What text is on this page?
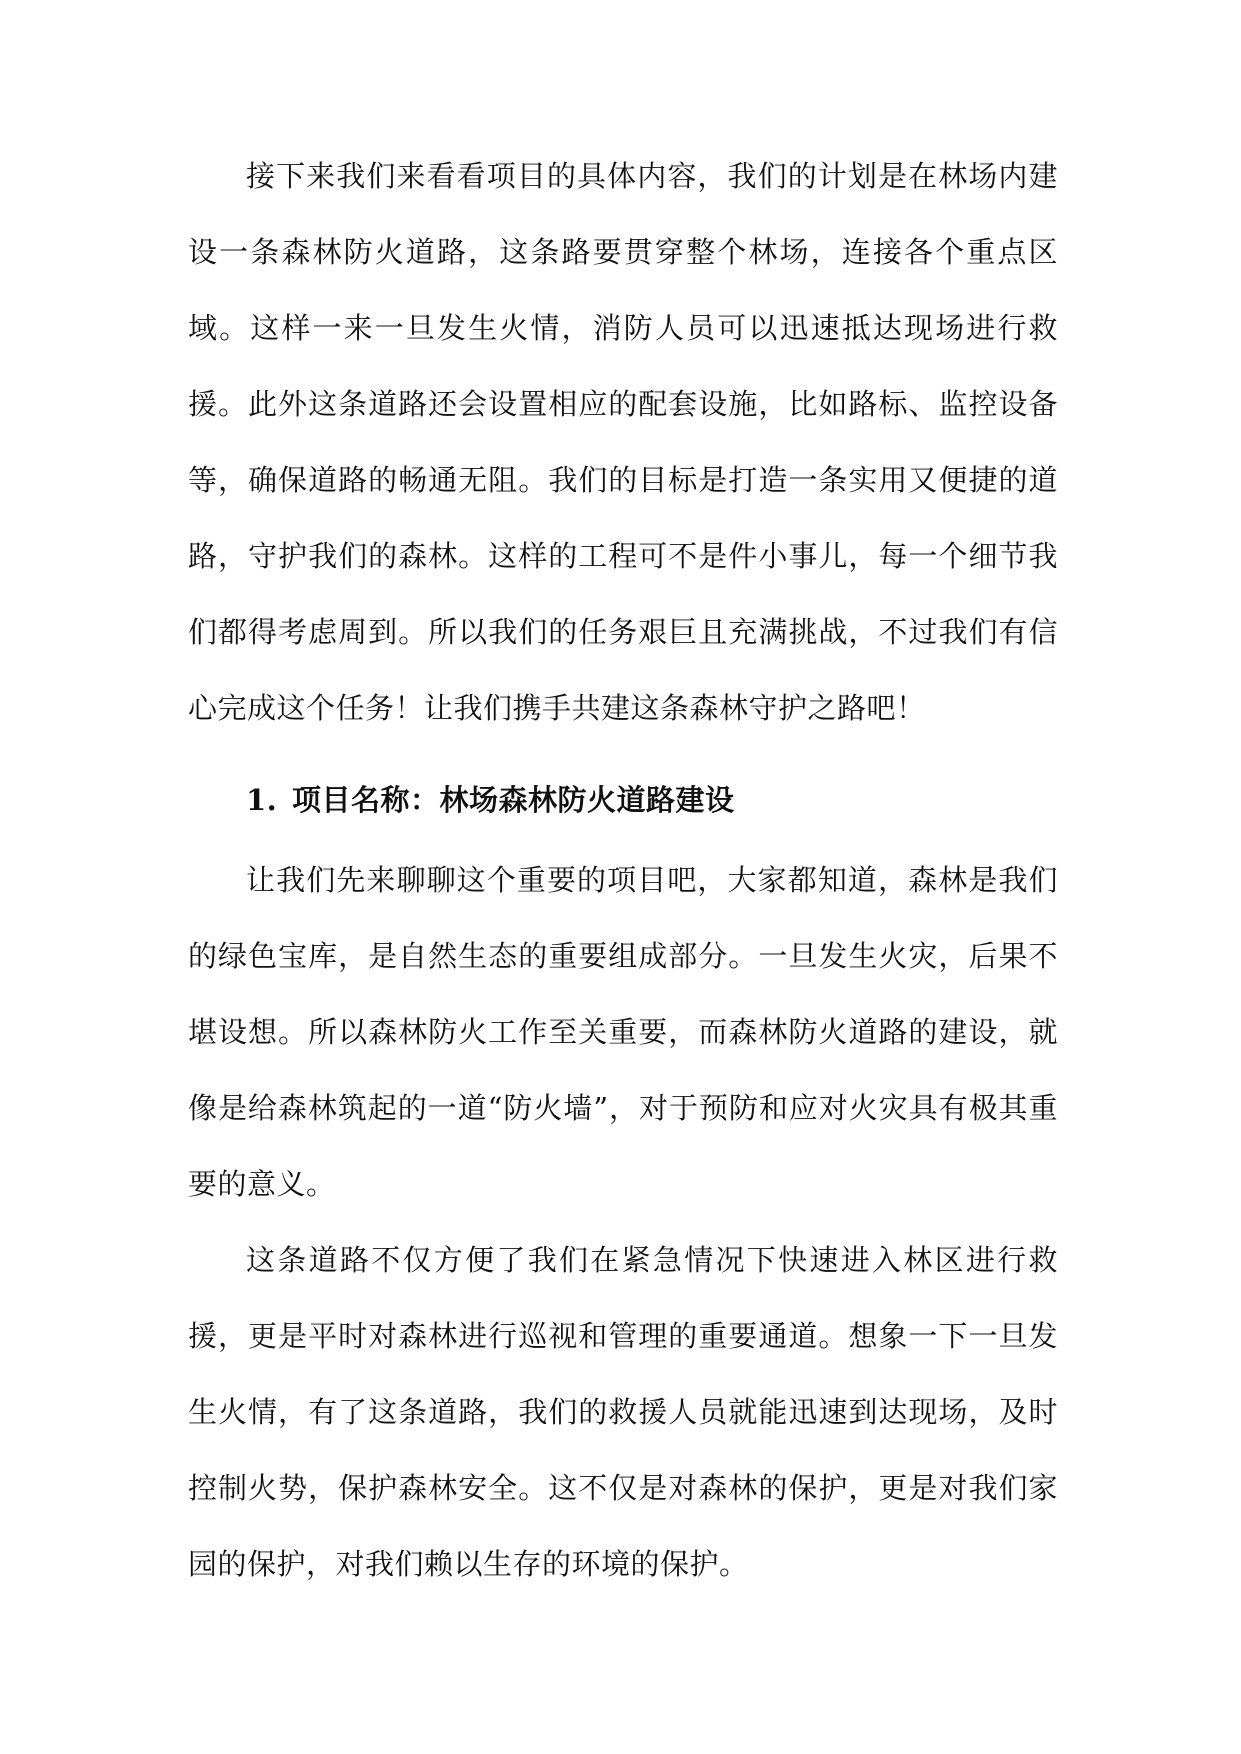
接下来我们来看看项目的具体内容，我们的计划是在林场内建设一条森林防火道路，这条路要贯穿整个林场，连接各个重点区域。这样一来一旦发生火情，消防人员可以迅速抵达现场进行救援。此外这条道路还会设置相应的配套设施，比如路标、监控设备等，确保道路的畅通无阻。我们的目标是打造一条实用又便捷的道路，守护我们的森林。这样的工程可不是件小事儿，每一个细节我们都得考虑周到。所以我们的任务艰巨且充满挑战，不过我们有信心完成这个任务！让我们携手共建这条森林守护之路吧！

1. 项目名称：林场森林防火道路建设

让我们先来聊聊这个重要的项目吧，大家都知道，森林是我们的绿色宝库，是自然生态的重要组成部分。一旦发生火灾，后果不堪设想。所以森林防火工作至关重要，而森林防火道路的建设，就像是给森林筑起的一道“防火墙”，对于预防和应对火灾具有极其重要的意义。

这条道路不仅方便了我们在紧急情况下快速进入林区进行救援，更是平时对森林进行巡视和管理的重要通道。想象一下一旦发生火情，有了这条道路，我们的救援人员就能迅速到达现场，及时控制火势，保护森林安全。这不仅是对森林的保护，更是对我们家园的保护，对我们赖以生存的环境的保护。
